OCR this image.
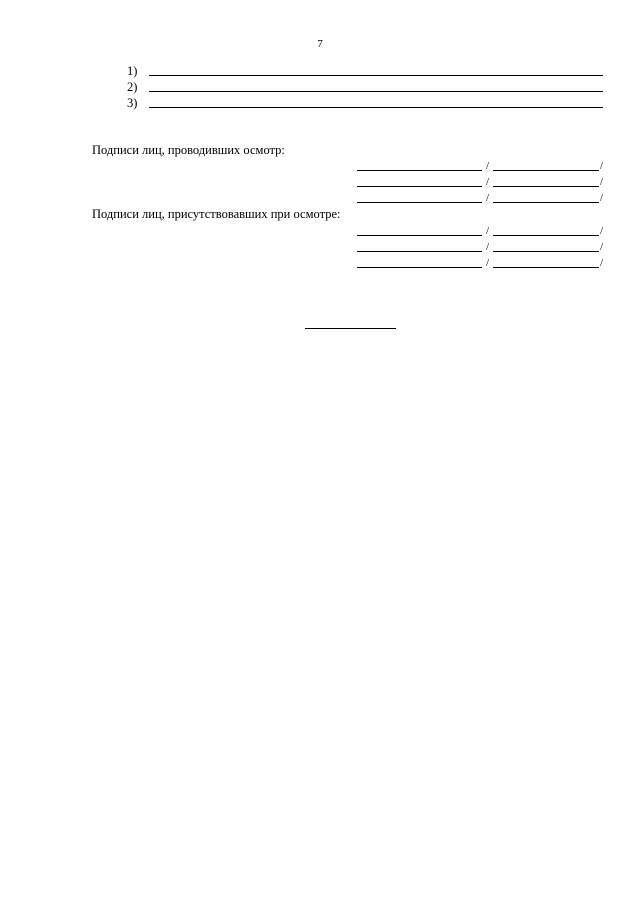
7
1)
2)
3)
Подписи лиц, проводивших осмотр:
/	/
/	/
/	/
Подписи лиц, присутствовавших при осмотре:
/	/
/	/
/	/
